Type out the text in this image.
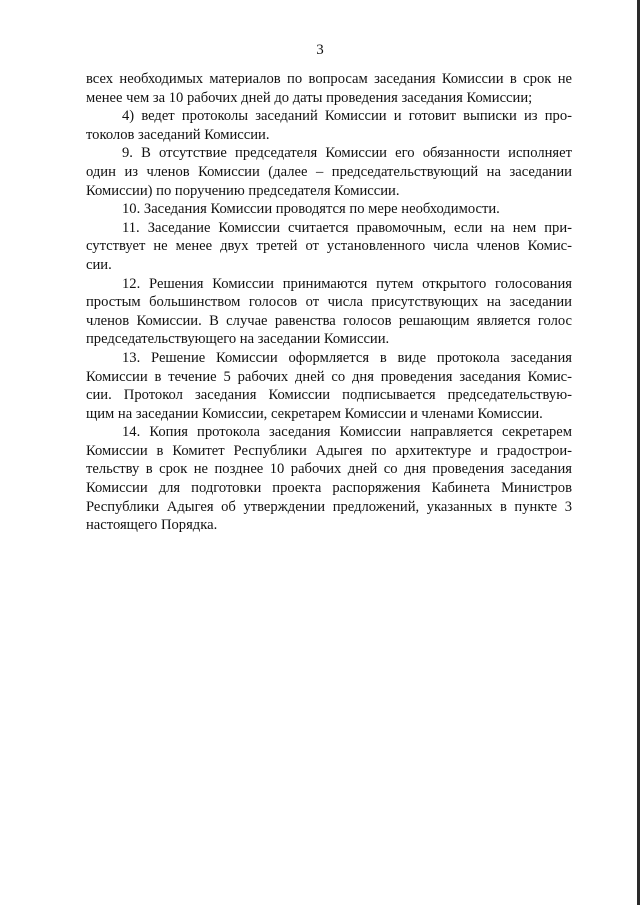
3
всех необходимых материалов по вопросам заседания Комиссии в срок не
менее чем за 10 рабочих дней до даты проведения заседания Комиссии;
4) ведет протоколы заседаний Комиссии и готовит выписки из про-
токолов заседаний Комиссии.
9. В отсутствие председателя Комиссии его обязанности исполняет
один из членов Комиссии (далее – председательствующий на заседании
Комиссии) по поручению председателя Комиссии.
10. Заседания Комиссии проводятся по мере необходимости.
11. Заседание Комиссии считается правомочным, если на нем при-
сутствует не менее двух третей от установленного числа членов Комис-
сии.
12. Решения Комиссии принимаются путем открытого голосования
простым большинством голосов от числа присутствующих на заседании
членов Комиссии. В случае равенства голосов решающим является голос
председательствующего на заседании Комиссии.
13. Решение Комиссии оформляется в виде протокола заседания
Комиссии в течение 5 рабочих дней со дня проведения заседания Комис-
сии. Протокол заседания Комиссии подписывается председательствую-
щим на заседании Комиссии, секретарем Комиссии и членами Комиссии.
14. Копия протокола заседания Комиссии направляется секретарем
Комиссии в Комитет Республики Адыгея по архитектуре и градострои-
тельству в срок не позднее 10 рабочих дней со дня проведения заседания
Комиссии для подготовки проекта распоряжения Кабинета Министров
Республики Адыгея об утверждении предложений, указанных в пункте 3
настоящего Порядка.
